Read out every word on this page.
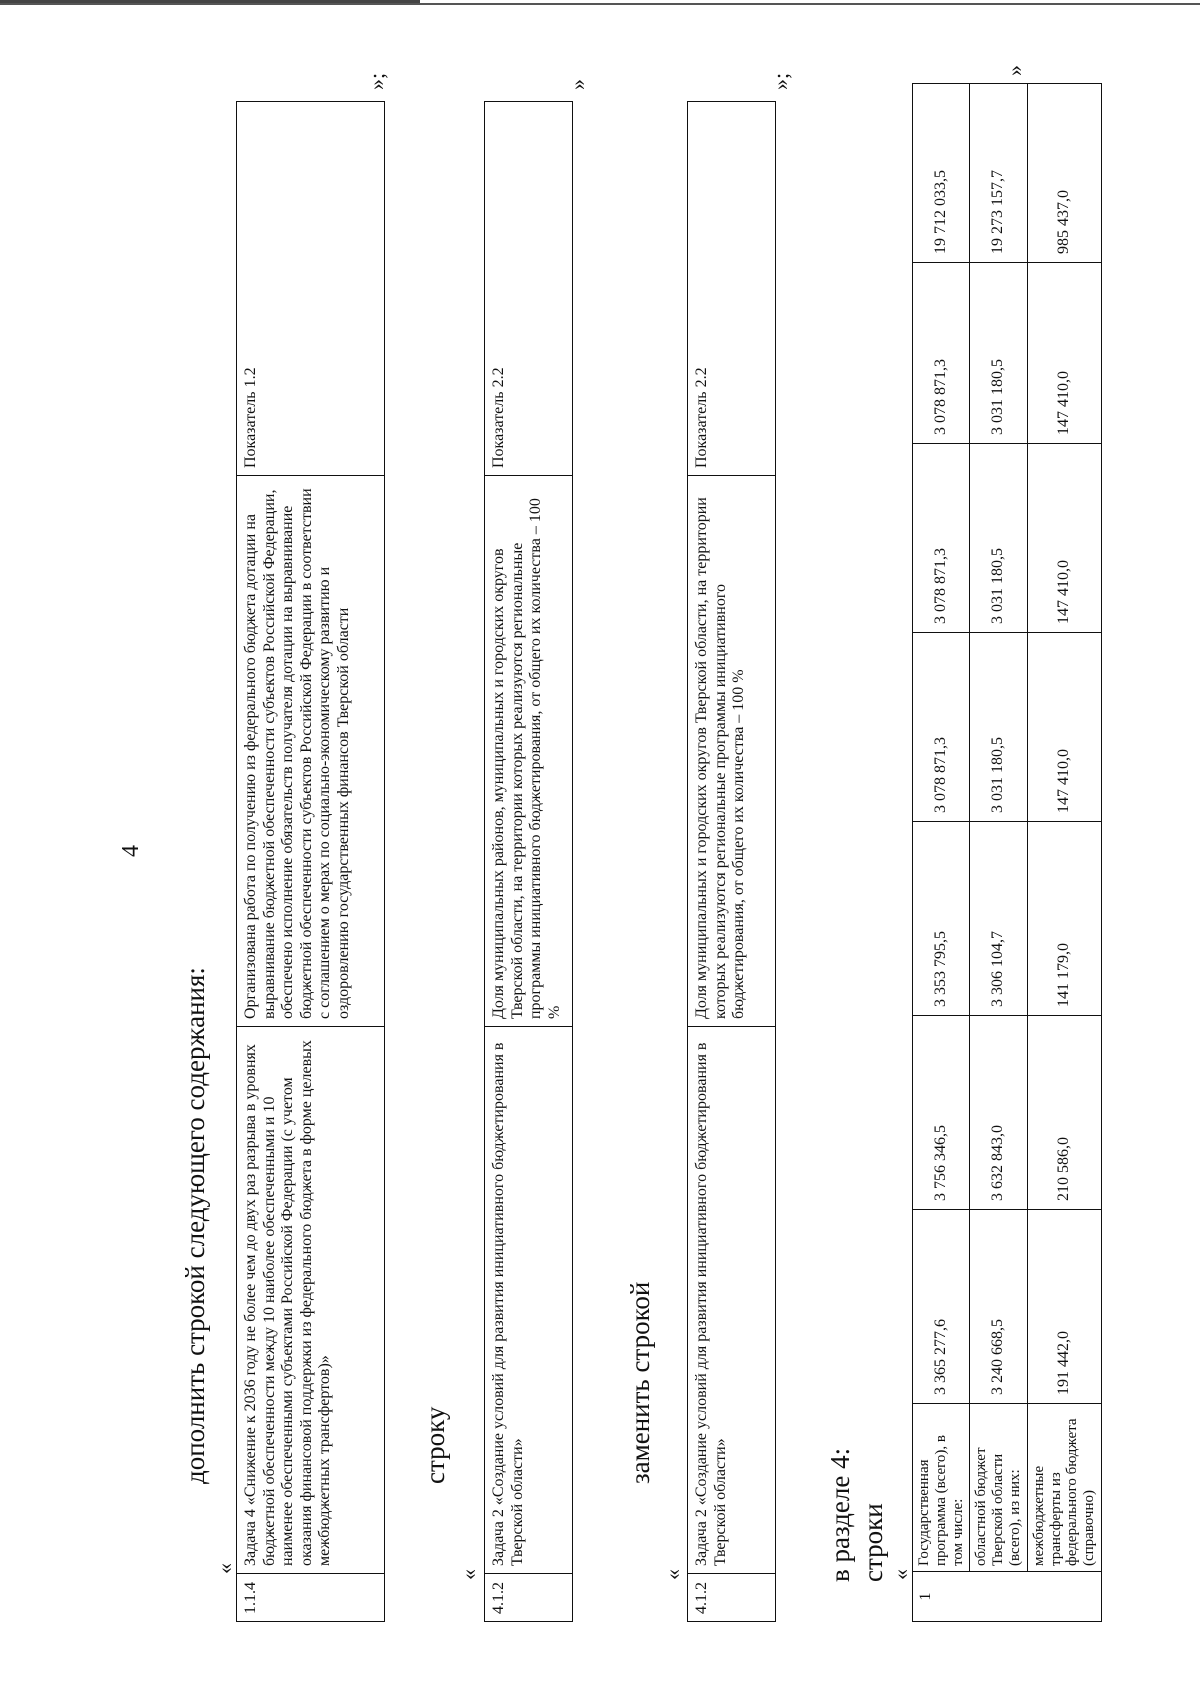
4
дополнить строкой следующего содержания:
«
1.1.4	Задача 4 «Снижение к 2036 году не более чем до двух раз разрыва в уровнях бюджетной обеспеченности между 10 наиболее обеспеченными и 10 наименее обеспеченными субъектами Российской Федерации (с учетом оказания финансовой поддержки из федерального бюджета в форме целевых межбюджетных трансфертов)»	Организована работа по получению из федерального бюджета дотации на выравнивание бюджетной обеспеченности субъектов Российской Федерации, обеспечено исполнение обязательств получателя дотации на выравнивание бюджетной обеспеченности субъектов Российской Федерации в соответствии с соглашением о мерах по социально-экономическому развитию и оздоровлению государственных финансов Тверской области	Показатель 1.2
»;
строку
«
4.1.2	Задача 2 «Создание условий для развития инициативного бюджетирования в Тверской области»	Доля муниципальных районов, муниципальных и городских округов Тверской области, на территории которых реализуются региональные программы инициативного бюджетирования, от общего их количества – 100 %	Показатель 2.2
»
заменить строкой
«
4.1.2	Задача 2 «Создание условий для развития инициативного бюджетирования в Тверской области»	Доля муниципальных и городских округов Тверской области, на территории которых реализуются региональные программы инициативного бюджетирования, от общего их количества – 100 %	Показатель 2.2
»;
в разделе 4: строки «
1	Государственная программа (всего), в том числе:	3 365 277,6	3 756 346,5	3 353 795,5	3 078 871,3	3 078 871,3	3 078 871,3	19 712 033,5
	областной бюджет Тверской области (всего), из них:	3 240 668,5	3 632 843,0	3 306 104,7	3 031 180,5	3 031 180,5	3 031 180,5	19 273 157,7
	межбюджетные трансферты из федерального бюджета (справочно)	191 442,0	210 586,0	141 179,0	147 410,0	147 410,0	147 410,0	985 437,0
»
